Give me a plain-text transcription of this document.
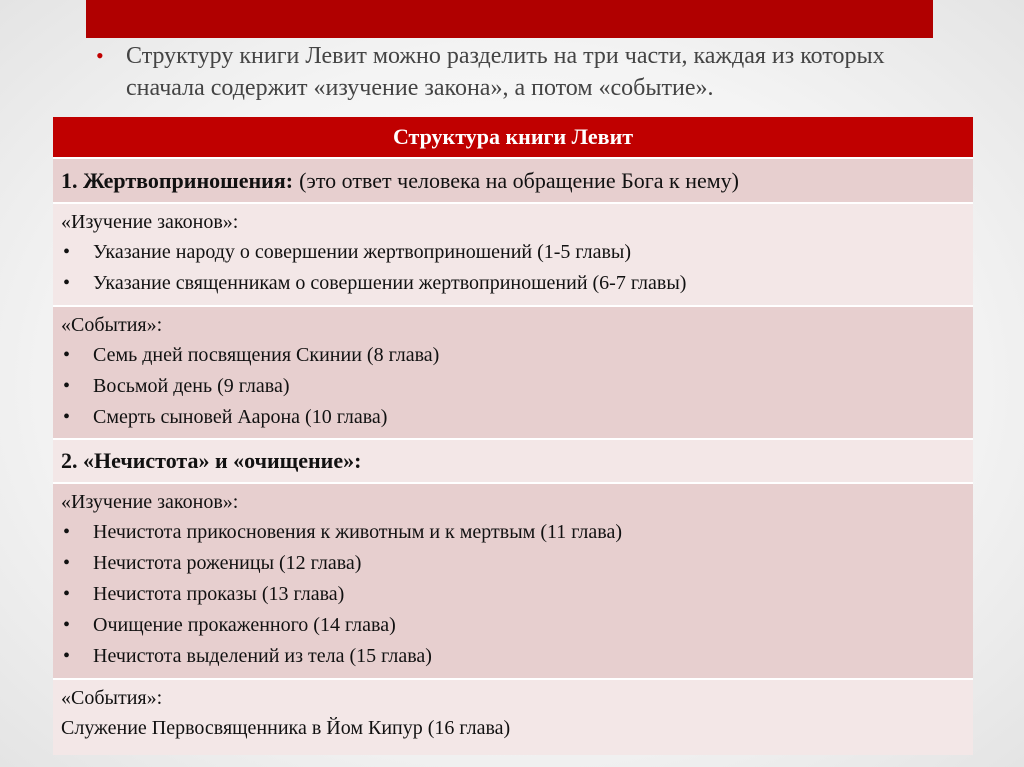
• Структуру книги Левит можно разделить на три части, каждая из которых сначала содержит «изучение закона», а потом «событие».
Структура книги Левит
1. Жертвоприношения: (это ответ человека на обращение Бога к нему)
«Изучение законов»:
• Указание народу о совершении жертвоприношений (1-5 главы)
• Указание священникам о совершении жертвоприношений (6-7 главы)
«События»:
• Семь дней посвящения Скинии (8 глава)
• Восьмой день (9 глава)
• Смерть сыновей Аарона (10 глава)
2. «Нечистота» и «очищение»:
«Изучение законов»:
• Нечистота прикосновения к животным и к мертвым (11 глава)
• Нечистота роженицы (12 глава)
• Нечистота проказы (13 глава)
• Очищение прокаженного (14 глава)
• Нечистота выделений из тела (15 глава)
«События»:
Служение Первосвященника в Йом Кипур (16 глава)
